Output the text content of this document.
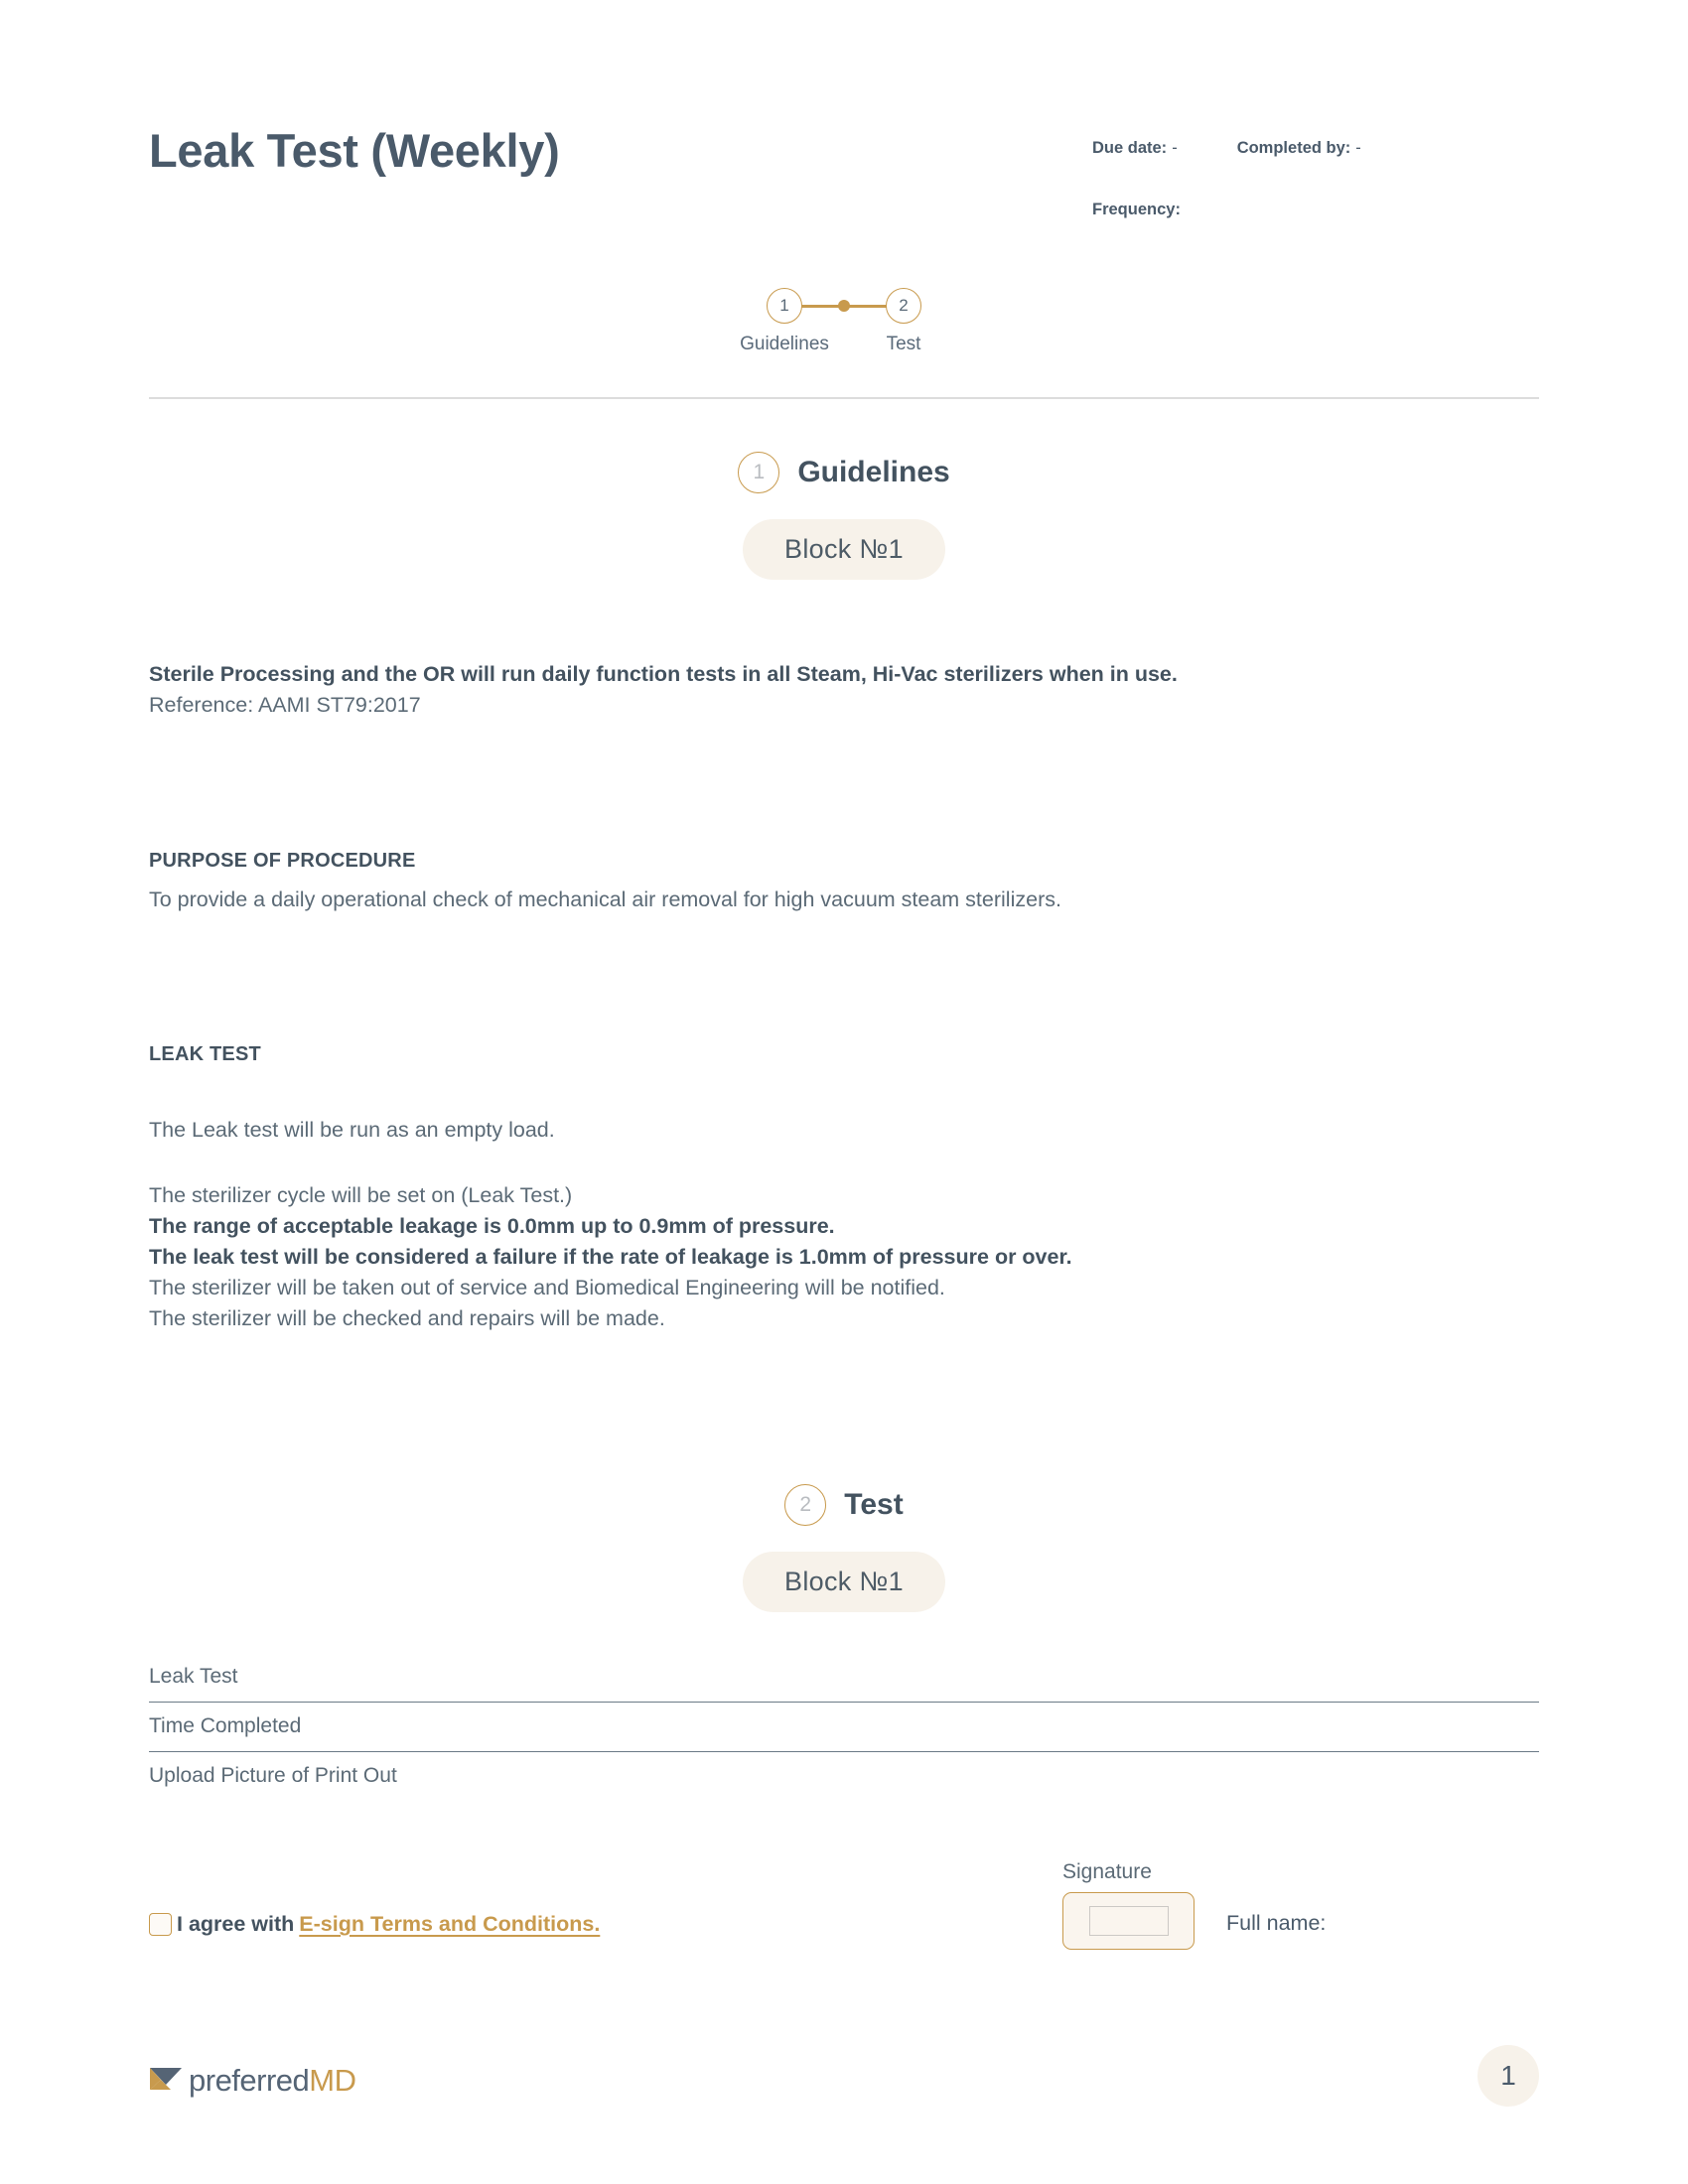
Leak Test (Weekly)	Due date: -	Completed by: -
Frequency:
1
Guidelines
2
Test
1	Guidelines
Block №1
Sterile Processing and the OR will run daily function tests in all Steam, Hi-Vac sterilizers when in use.
Reference: AAMI ST79:2017
PURPOSE OF PROCEDURE
To provide a daily operational check of mechanical air removal for high vacuum steam sterilizers.
LEAK TEST
The Leak test will be run as an empty load.
The sterilizer cycle will be set on (Leak Test.)
The range of acceptable leakage is 0.0mm up to 0.9mm of pressure.
The leak test will be considered a failure if the rate of leakage is 1.0mm of pressure or over.
The sterilizer will be taken out of service and Biomedical Engineering will be notified.
The sterilizer will be checked and repairs will be made.
2	Test
Block №1
Leak Test
Time Completed
Upload Picture of Print Out
I agree with E-sign Terms and Conditions.
Signature
Full name:
preferredMD	1
